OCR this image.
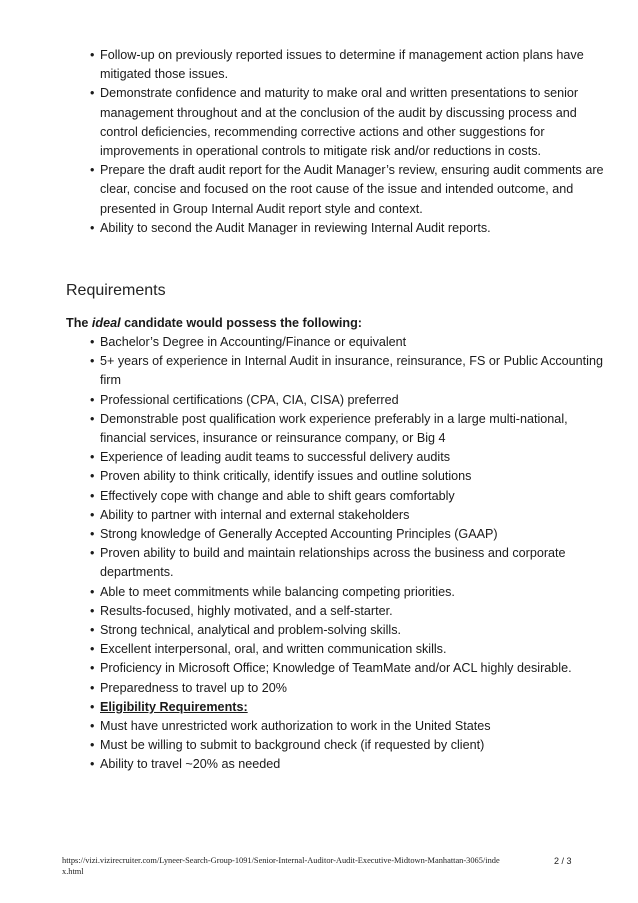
• Follow-up on previously reported issues to determine if management action plans have mitigated those issues.
• Demonstrate confidence and maturity to make oral and written presentations to senior management throughout and at the conclusion of the audit by discussing process and control deficiencies, recommending corrective actions and other suggestions for improvements in operational controls to mitigate risk and/or reductions in costs.
• Prepare the draft audit report for the Audit Manager’s review, ensuring audit comments are clear, concise and focused on the root cause of the issue and intended outcome, and presented in Group Internal Audit report style and context.
• Ability to second the Audit Manager in reviewing Internal Audit reports.
Requirements

The ideal candidate would possess the following:

• Bachelor’s Degree in Accounting/Finance or equivalent
• 5+ years of experience in Internal Audit in insurance, reinsurance, FS or Public Accounting firm
• Professional certifications (CPA, CIA, CISA) preferred
• Demonstrable post qualification work experience preferably in a large multi-national, financial services, insurance or reinsurance company, or Big 4
• Experience of leading audit teams to successful delivery audits
• Proven ability to think critically, identify issues and outline solutions
• Effectively cope with change and able to shift gears comfortably
• Ability to partner with internal and external stakeholders
• Strong knowledge of Generally Accepted Accounting Principles (GAAP)
• Proven ability to build and maintain relationships across the business and corporate departments.
• Able to meet commitments while balancing competing priorities.
• Results-focused, highly motivated, and a self-starter.
• Strong technical, analytical and problem-solving skills.
• Excellent interpersonal, oral, and written communication skills.
• Proficiency in Microsoft Office; Knowledge of TeamMate and/or ACL highly desirable.
• Preparedness to travel up to 20%
• Eligibility Requirements:
• Must have unrestricted work authorization to work in the United States
• Must be willing to submit to background check (if requested by client)
• Ability to travel ~20% as needed
https://vizi.vizirecruiter.com/Lyneer-Search-Group-1091/Senior-Internal-Auditor-Audit-Executive-Midtown-Manhattan-3065/index.html
2 / 3
